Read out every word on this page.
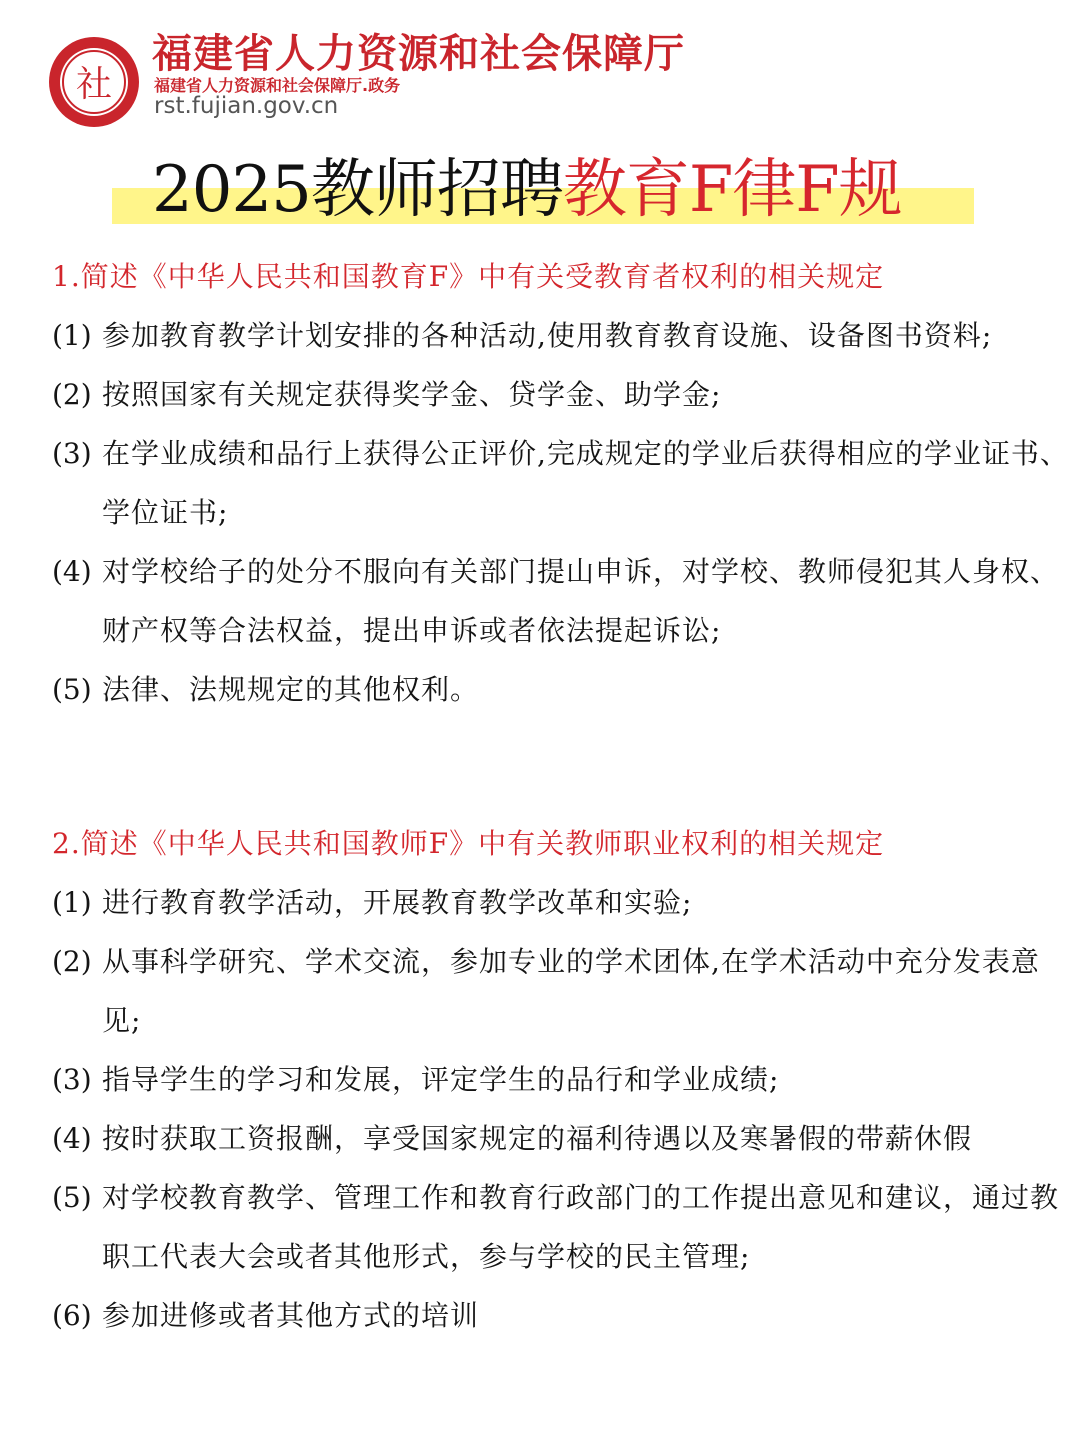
社
福建省人力资源和社会保障厅
福建省人力资源和社会保障厅.政务
rst.fujian.gov.cn
2025教师招聘教育F律F规
1.简述《中华人民共和国教育F》中有关受教育者权利的相关规定
(1) 参加教育教学计划安排的各种活动,使用教育教育设施、设备图书资料;
(2) 按照国家有关规定获得奖学金、贷学金、助学金;
(3) 在学业成绩和品行上获得公正评价,完成规定的学业后获得相应的学业证书、学位证书;
(4) 对学校给子的处分不服向有关部门提山申诉，对学校、教师侵犯其人身权、财产权等合法权益，提出申诉或者依法提起诉讼;
(5) 法律、法规规定的其他权利。
2.简述《中华人民共和国教师F》中有关教师职业权利的相关规定
(1) 进行教育教学活动，开展教育教学改革和实验;
(2) 从事科学研究、学术交流，参加专业的学术团体,在学术活动中充分发表意见;
(3) 指导学生的学习和发展，评定学生的品行和学业成绩;
(4) 按时获取工资报酬，享受国家规定的福利待遇以及寒暑假的带薪休假
(5) 对学校教育教学、管理工作和教育行政部门的工作提出意见和建议，通过教职工代表大会或者其他形式，参与学校的民主管理;
(6) 参加进修或者其他方式的培训
